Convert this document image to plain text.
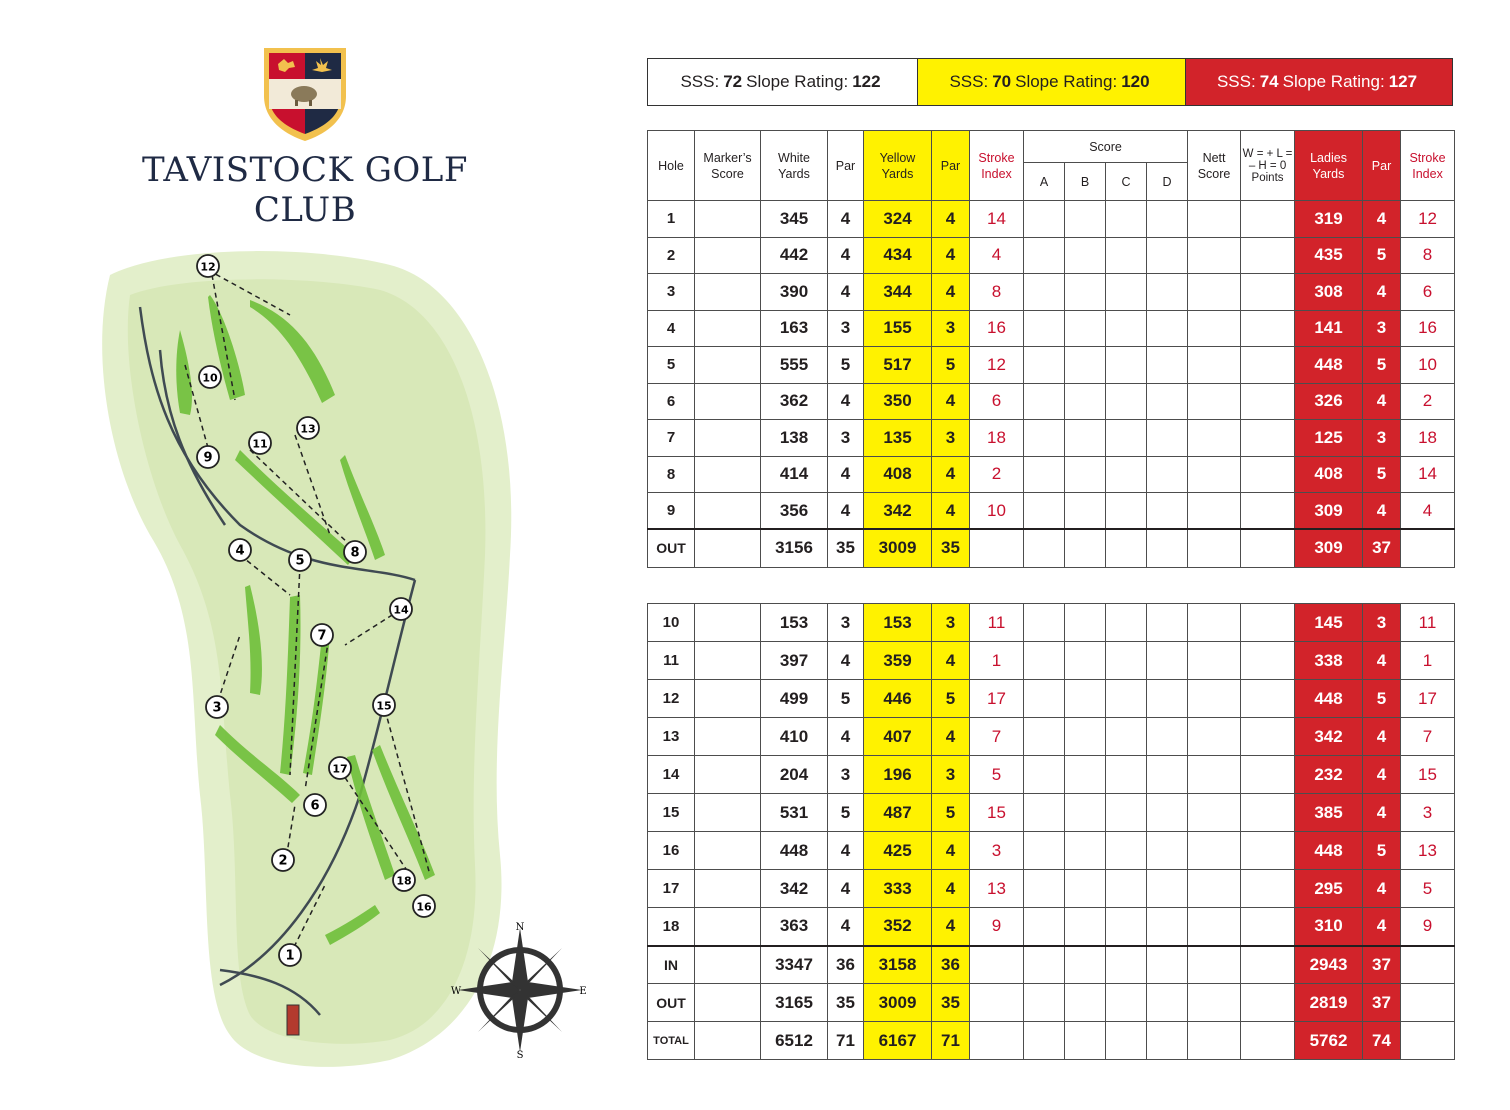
TAVISTOCK GOLF CLUB
1
2
3
4
5
6
7
8
9
10
11
12
13
14
15
16
17
18
N
S
E
W
SSS: 72 Slope Rating: 122	SSS: 70 Slope Rating: 120	SSS: 74 Slope Rating: 127
Hole	Marker’s Score	White Yards	Par	Yellow Yards	Par	Stroke Index	Score				Nett Score	W = + L = – H = 0 Points	Ladies Yards	Par	Stroke Index
							A	B	C	D					
1		345	4	324	4	14							319	4	12
2		442	4	434	4	4							435	5	8
3		390	4	344	4	8							308	4	6
4		163	3	155	3	16							141	3	16
5		555	5	517	5	12							448	5	10
6		362	4	350	4	6							326	4	2
7		138	3	135	3	18							125	3	18
8		414	4	408	4	2							408	5	14
9		356	4	342	4	10							309	4	4
OUT		3156	35	3009	35								309	37	
10		153	3	153	3	11							145	3	11
11		397	4	359	4	1							338	4	1
12		499	5	446	5	17							448	5	17
13		410	4	407	4	7							342	4	7
14		204	3	196	3	5							232	4	15
15		531	5	487	5	15							385	4	3
16		448	4	425	4	3							448	5	13
17		342	4	333	4	13							295	4	5
18		363	4	352	4	9							310	4	9
IN		3347	36	3158	36								2943	37	
OUT		3165	35	3009	35								2819	37	
TOTAL		6512	71	6167	71								5762	74	
